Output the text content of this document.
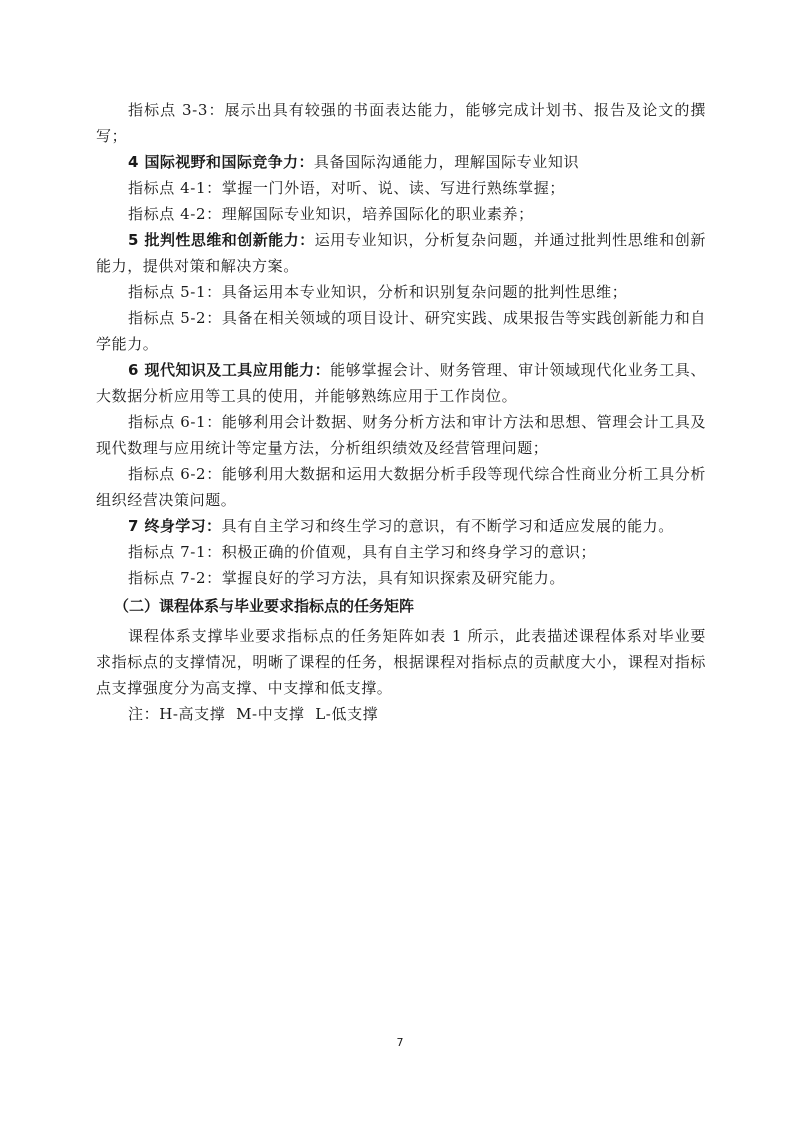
指标点 3-3：展示出具有较强的书面表达能力，能够完成计划书、报告及论文的撰写；

4 国际视野和国际竞争力：具备国际沟通能力，理解国际专业知识

指标点 4-1：掌握一门外语，对听、说、读、写进行熟练掌握；

指标点 4-2：理解国际专业知识，培养国际化的职业素养；

5 批判性思维和创新能力：运用专业知识，分析复杂问题，并通过批判性思维和创新能力，提供对策和解决方案。

指标点 5-1：具备运用本专业知识，分析和识别复杂问题的批判性思维；

指标点 5-2：具备在相关领域的项目设计、研究实践、成果报告等实践创新能力和自学能力。

6 现代知识及工具应用能力：能够掌握会计、财务管理、审计领域现代化业务工具、大数据分析应用等工具的使用，并能够熟练应用于工作岗位。

指标点 6-1：能够利用会计数据、财务分析方法和审计方法和思想、管理会计工具及现代数理与应用统计等定量方法，分析组织绩效及经营管理问题；

指标点 6-2：能够利用大数据和运用大数据分析手段等现代综合性商业分析工具分析组织经营决策问题。

7 终身学习：具有自主学习和终生学习的意识，有不断学习和适应发展的能力。

指标点 7-1：积极正确的价值观，具有自主学习和终身学习的意识；

指标点 7-2：掌握良好的学习方法，具有知识探索及研究能力。

（二）课程体系与毕业要求指标点的任务矩阵

课程体系支撑毕业要求指标点的任务矩阵如表 1 所示，此表描述课程体系对毕业要求指标点的支撑情况，明晰了课程的任务，根据课程对指标点的贡献度大小，课程对指标点支撑强度分为高支撑、中支撑和低支撑。

注：H-高支撑  M-中支撑  L-低支撑

7
